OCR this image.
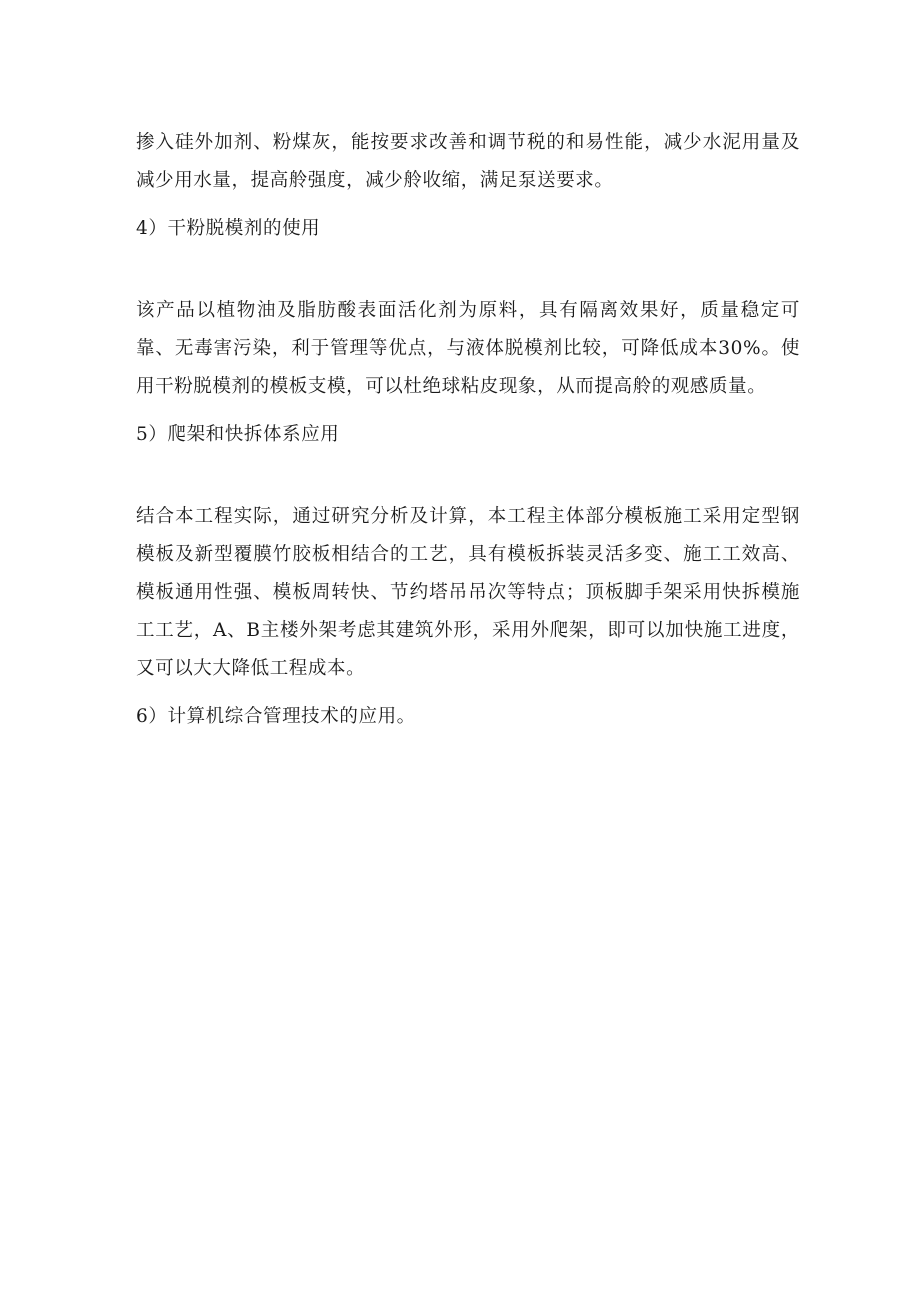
掺入硅外加剂、粉煤灰，能按要求改善和调节税的和易性能，减少水泥用量及减少用水量，提高舲强度，减少舲收缩，满足泵送要求。

4）干粉脱模剂的使用

该产品以植物油及脂肪酸表面活化剂为原料，具有隔离效果好，质量稳定可靠、无毒害污染，利于管理等优点，与液体脱模剂比较，可降低成本30%。使用干粉脱模剂的模板支模，可以杜绝球粘皮现象，从而提高舲的观感质量。

5）爬架和快拆体系应用

结合本工程实际，通过研究分析及计算，本工程主体部分模板施工采用定型钢模板及新型覆膜竹胶板相结合的工艺，具有模板拆装灵活多变、施工工效高、模板通用性强、模板周转快、节约塔吊吊次等特点；顶板脚手架采用快拆模施工工艺，A、B主楼外架考虑其建筑外形，采用外爬架，即可以加快施工进度，又可以大大降低工程成本。

6）计算机综合管理技术的应用。
